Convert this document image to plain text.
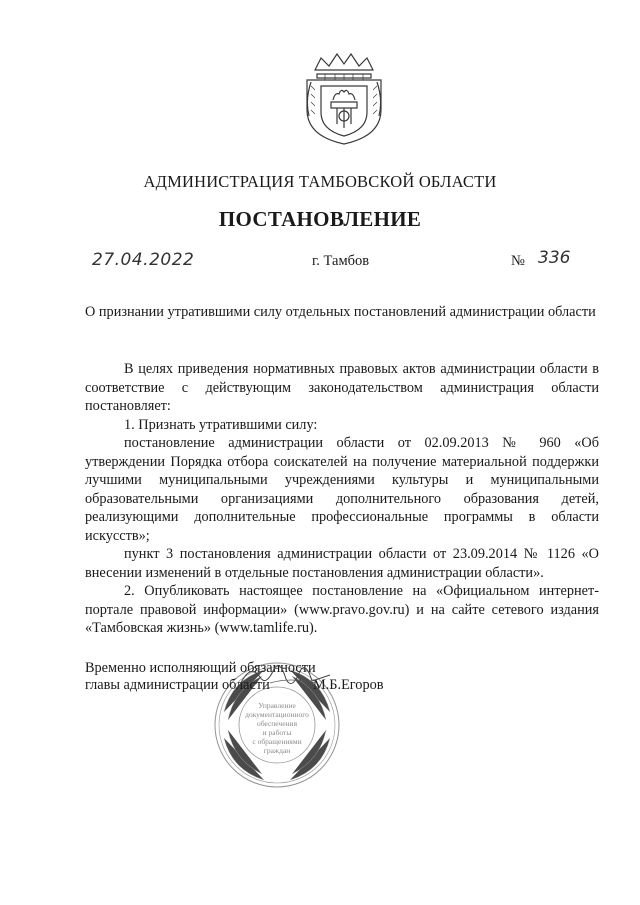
АДМИНИСТРАЦИЯ ТАМБОВСКОЙ ОБЛАСТИ
ПОСТАНОВЛЕНИЕ
27.04.2022	г. Тамбов	№ 336
О признании утратившими силу отдельных постановлений администрации области

В целях приведения нормативных правовых актов администрации области в соответствие с действующим законодательством администрация области постановляет:

1. Признать утратившими силу:

постановление администрации области от 02.09.2013 № 960 «Об утверждении Порядка отбора соискателей на получение материальной поддержки лучшими муниципальными учреждениями культуры и муниципальными образовательными организациями дополнительного образования детей, реализующими дополнительные профессиональные программы в области искусств»;

пункт 3 постановления администрации области от 23.09.2014 № 1126 «О внесении изменений в отдельные постановления администрации области».

2. Опубликовать настоящее постановление на «Официальном интернет-портале правовой информации» (www.pravo.gov.ru) и на сайте сетевого издания «Тамбовская жизнь» (www.tamlife.ru).

Управление
документационного
обеспечения
и работы
с обращениями
граждан
Временно исполняющий обязанности
главы администрации области	М.Б.Егоров
